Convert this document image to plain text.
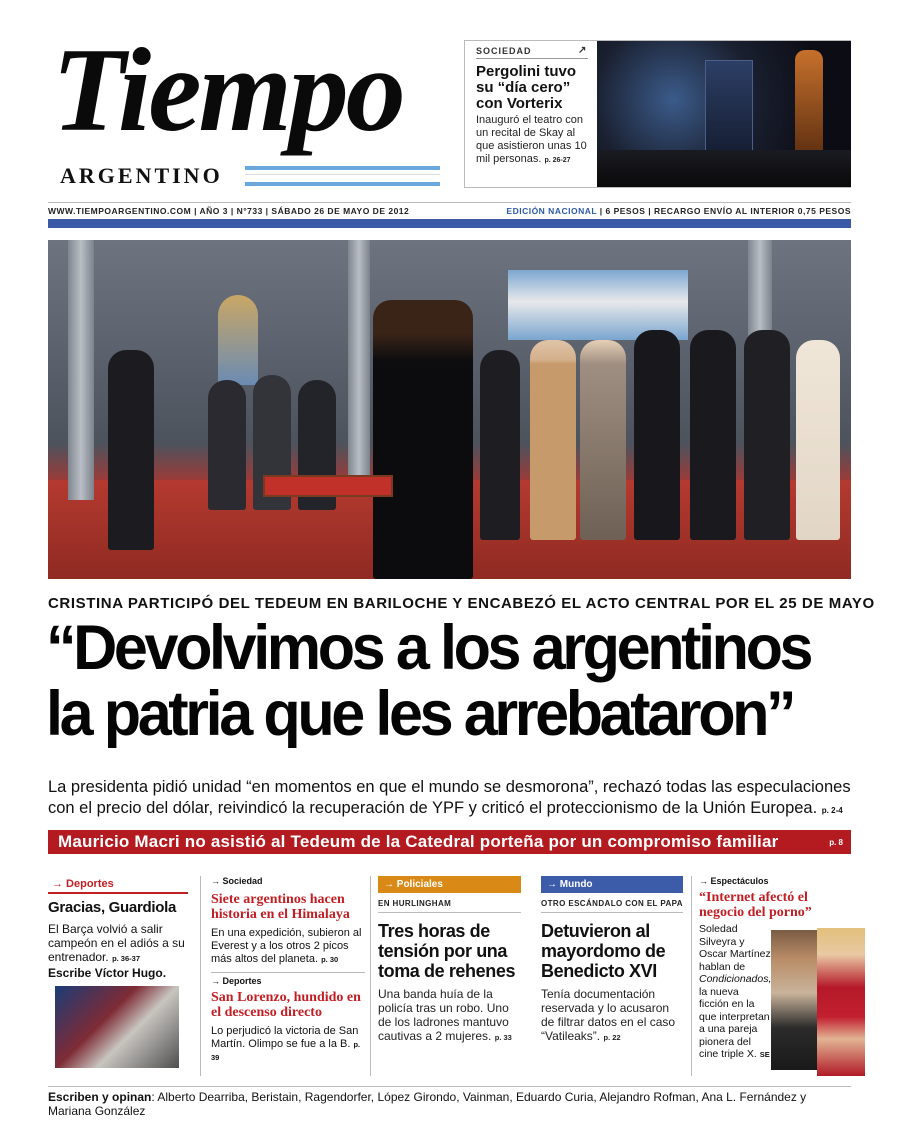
Tiempo
ARGENTINO
SOCIEDAD	↗
Pergolini tuvo su “día cero” con Vorterix
Inauguró el teatro con un recital de Skay al que asistieron unas 10 mil personas. p. 26-27
WWW.TIEMPOARGENTINO.COM | AÑO 3 | N°733 | SÁBADO 26 DE MAYO DE 2012	EDICIÓN NACIONAL | 6 PESOS | RECARGO ENVÍO AL INTERIOR 0,75 PESOS
CRISTINA PARTICIPÓ DEL TEDEUM EN BARILOCHE Y ENCABEZÓ EL ACTO CENTRAL POR EL 25 DE MAYO
“Devolvimos a los argentinos
la patria que les arrebataron”
La presidenta pidió unidad “en momentos en que el mundo se desmorona”, rechazó todas las especulaciones con el precio del dólar, reivindicó la recuperación de YPF y criticó el proteccionismo de la Unión Europea. p. 2-4
Mauricio Macri no asistió al Tedeum de la Catedral porteña por un compromiso familiar	p. 8
→ Deportes
Gracias, Guardiola
El Barça volvió a salir campeón en el adiós a su entrenador. p. 36-37
Escribe Víctor Hugo.
→ Sociedad
Siete argentinos hacen historia en el Himalaya
En una expedición, subieron al Everest y a los otros 2 picos más altos del planeta. p. 30
→ Deportes
San Lorenzo, hundido en el descenso directo
Lo perjudicó la victoria de San Martín. Olimpo se fue a la B. p. 39
→ Policiales
EN HURLINGHAM
Tres horas de tensión por una toma de rehenes
Una banda huía de la policía tras un robo. Uno de los ladrones mantuvo cautivas a 2 mujeres. p. 33
→ Mundo
OTRO ESCÁNDALO CON EL PAPA
Detuvieron al mayordomo de Benedicto XVI
Tenía documentación reservada y lo acusaron de filtrar datos en el caso “Vatileaks”. p. 22
→ Espectáculos
“Internet afectó el negocio del porno”
Soledad Silveyra y Oscar Martínez hablan de Condicionados, la nueva ficción en la que interpretan a una pareja pionera del cine triple X. SE
Escriben y opinan: Alberto Dearriba, Beristain, Ragendorfer, López Girondo, Vainman, Eduardo Curia, Alejandro Rofman, Ana L. Fernández y Mariana González
